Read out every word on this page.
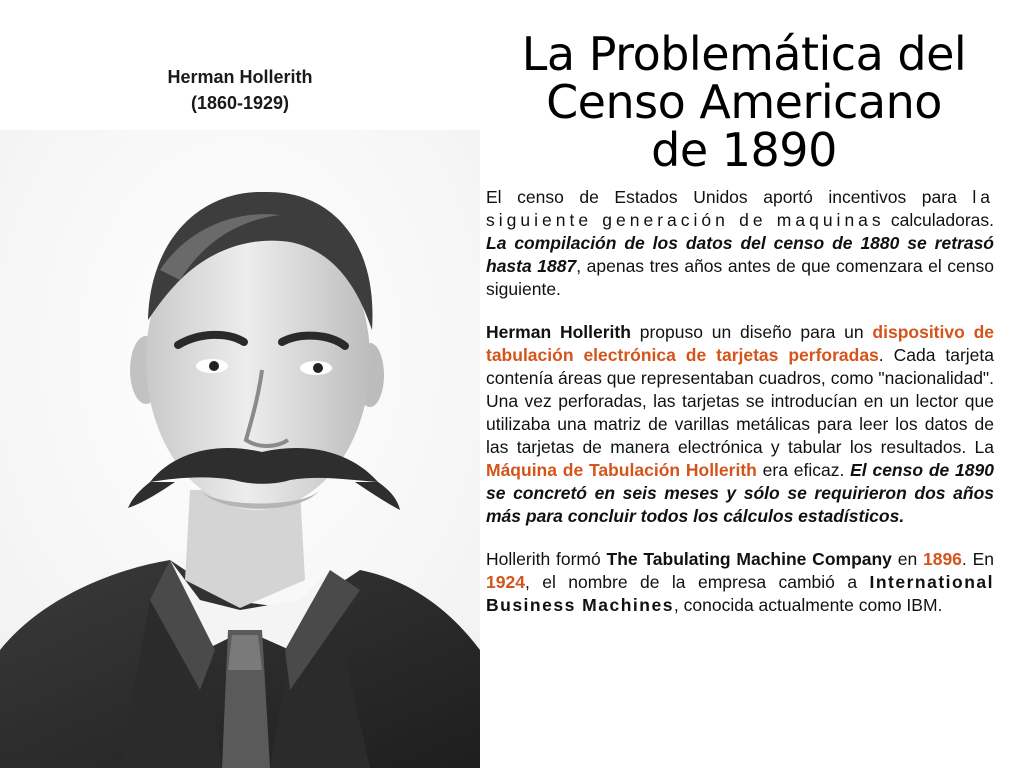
Herman Hollerith
(1860-1929)
La Problemática del
Censo Americano
de 1890

El censo de Estados Unidos aportó incentivos para la siguiente generación de maquinas calculadoras. La compilación de los datos del censo de 1880 se retrasó hasta 1887, apenas tres años antes de que comenzara el censo siguiente.

Herman Hollerith propuso un diseño para un dispositivo de tabulación electrónica de tarjetas perforadas. Cada tarjeta contenía áreas que representaban cuadros, como "nacionalidad". Una vez perforadas, las tarjetas se introducían en un lector que utilizaba una matriz de varillas metálicas para leer los datos de las tarjetas de manera electrónica y tabular los resultados. La Máquina de Tabulación Hollerith era eficaz. El censo de 1890 se concretó en seis meses y sólo se requirieron dos años más para concluir todos los cálculos estadísticos.

Hollerith formó The Tabulating Machine Company en 1896. En 1924, el nombre de la empresa cambió a International Business Machines, conocida actualmente como IBM.
